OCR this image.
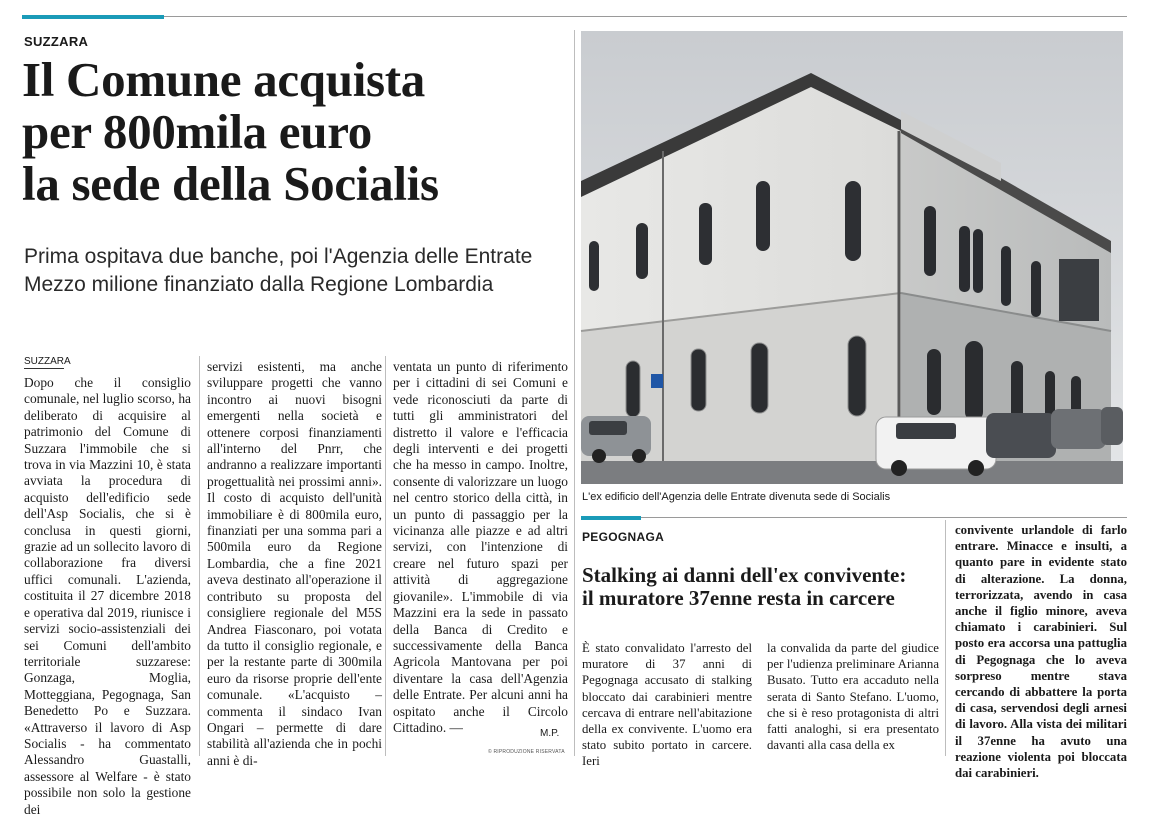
SUZZARA
Il Comune acquista
per 800mila euro
la sede della Socialis
Prima ospitava due banche, poi l'Agenzia delle Entrate
Mezzo milione finanziato dalla Regione Lombardia
SUZZARA

Dopo che il consiglio comunale, nel luglio scorso, ha deliberato di acquisire al patrimonio del Comune di Suzzara l'immobile che si trova in via Mazzini 10, è stata avviata la procedura di acquisto dell'edificio sede dell'Asp Socialis, che si è conclusa in questi giorni, grazie ad un sollecito lavoro di collaborazione fra diversi uffici comunali. L'azienda, costituita il 27 dicembre 2018 e operativa dal 2019, riunisce i servizi socio-assistenziali dei sei Comuni dell'ambito territoriale suzzarese: Gonzaga, Moglia, Motteggiana, Pegognaga, San Benedetto Po e Suzzara. «Attraverso il lavoro di Asp Socialis - ha commentato Alessandro Guastalli, assessore al Welfare - è stato possibile non solo la gestione dei

servizi esistenti, ma anche sviluppare progetti che vanno incontro ai nuovi bisogni emergenti nella società e ottenere corposi finanziamenti all'interno del Pnrr, che andranno a realizzare importanti progettualità nei prossimi anni». Il costo di acquisto dell'unità immobiliare è di 800mila euro, finanziati per una somma pari a 500mila euro da Regione Lombardia, che a fine 2021 aveva destinato all'operazione il contributo su proposta del consigliere regionale del M5S Andrea Fiasconaro, poi votata da tutto il consiglio regionale, e per la restante parte di 300mila euro da risorse proprie dell'ente comunale. «L'acquisto – commenta il sindaco Ivan Ongari – permette di dare stabilità all'azienda che in pochi anni è di-

ventata un punto di riferimento per i cittadini di sei Comuni e vede riconosciuti da parte di tutti gli amministratori del distretto il valore e l'efficacia degli interventi e dei progetti che ha messo in campo. Inoltre, consente di valorizzare un luogo nel centro storico della città, in un punto di passaggio per la vicinanza alle piazze e ad altri servizi, con l'intenzione di creare nel futuro spazi per attività di aggregazione giovanile». L'immobile di via Mazzini era la sede in passato della Banca di Credito e successivamente della Banca Agricola Mantovana per poi diventare la casa dell'Agenzia delle Entrate. Per alcuni anni ha ospitato anche il Circolo Cittadino. —	M.P.
© RIPRODUZIONE RISERVATA
L'ex edificio dell'Agenzia delle Entrate divenuta sede di Socialis
PEGOGNAGA
Stalking ai danni dell'ex convivente:
il muratore 37enne resta in carcere

È stato convalidato l'arresto del muratore di 37 anni di Pegognaga accusato di stalking bloccato dai carabinieri mentre cercava di entrare nell'abitazione della ex convivente. L'uomo era stato subito portato in carcere. Ieri

la convalida da parte del giudice per l'udienza preliminare Arianna Busato. Tutto era accaduto nella serata di Santo Stefano. L'uomo, che si è reso protagonista di altri fatti analoghi, si era presentato davanti alla casa della ex

convivente urlandole di farlo entrare. Minacce e insulti, a quanto pare in evidente stato di alterazione. La donna, terrorizzata, avendo in casa anche il figlio minore, aveva chiamato i carabinieri. Sul posto era accorsa una pattuglia di Pegognaga che lo aveva sorpreso mentre stava cercando di abbattere la porta di casa, servendosi degli arnesi di lavoro. Alla vista dei militari il 37enne ha avuto una reazione violenta poi bloccata dai carabinieri.
